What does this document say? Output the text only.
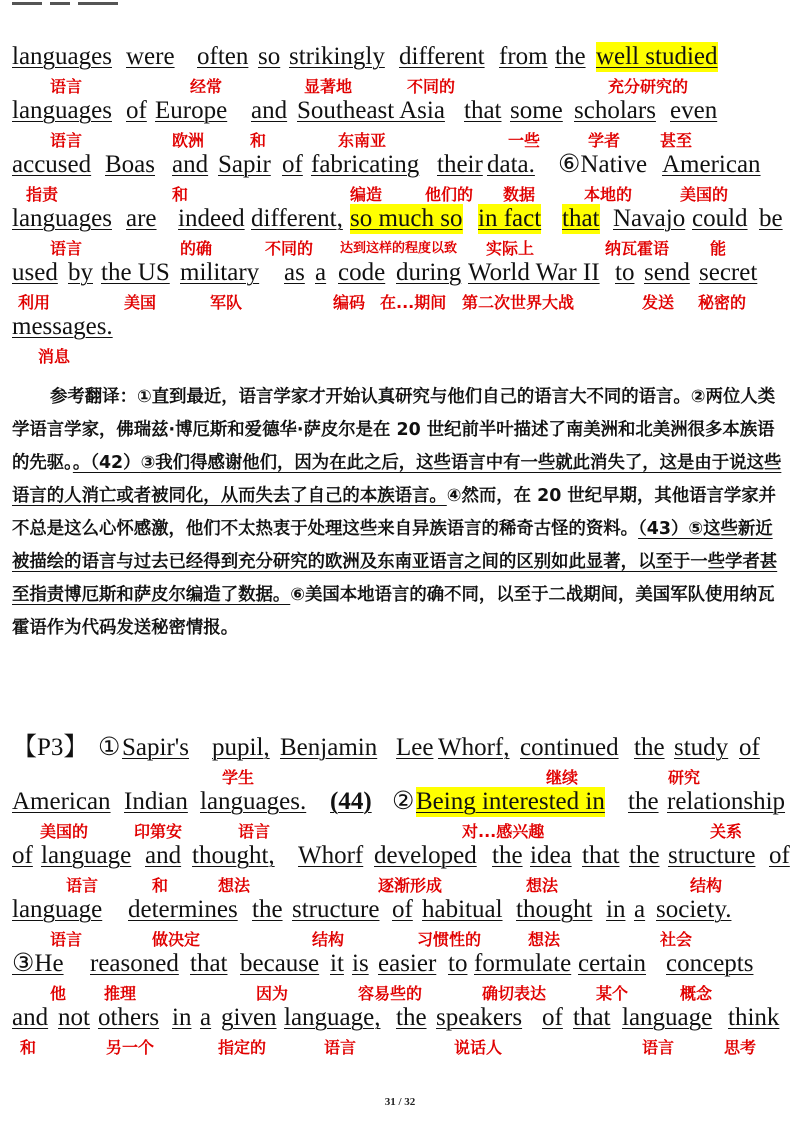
languages were often so strikingly different from the well studied
语言	经常	显著地	不同的	充分研究的
languages of Europe and Southeast Asia that some scholars even
语言	欧洲	和	东南亚	一些	学者 甚至
accused Boas and Sapir of fabricating their data. ⑥Native American
指责	和	编造	他们的 数据	本地的	美国的
languages are indeed different, so much so in fact that Navajo could be
语言	的确	不同的 达到这样的程度以致 实际上	纳瓦霍语	能
used by the US military as a code during World War II to send secret
利用	美国	军队	编码 在...期间 第二次世界大战	发送 秘密的
messages.
消息
参考翻译：①直到最近，语言学家才开始认真研究与他们自己的语言大不同的语言。②两位人类学语言学家，佛瑞兹·博厄斯和爱德华·萨皮尔是在 20 世纪前半叶描述了南美洲和北美洲很多本族语的先驱。。（42）③我们得感谢他们，因为在此之后，这些语言中有一些就此消失了，这是由于说这些语言的人消亡或者被同化，从而失去了自己的本族语言。④然而，在 20 世纪早期，其他语言学家并不总是这么心怀感激，他们不太热衷于处理这些来自异族语言的稀奇古怪的资料。（43）⑤这些新近被描绘的语言与过去已经得到充分研究的欧洲及东南亚语言之间的区别如此显著，以至于一些学者甚至指责博厄斯和萨皮尔编造了数据。⑥美国本地语言的确不同，以至于二战期间，美国军队使用纳瓦霍语作为代码发送秘密情报。
【P3】 ① Sapir's pupil, Benjamin Lee Whorf, continued the study of
学生	继续	研究
American Indian languages. (44) ② Being interested in the relationship
美国的	印第安	语言	对...感兴趣	关系
of language and thought, Whorf developed the idea that the structure of
语言	和	想法	逐渐形成	想法	结构
language determines the structure of habitual thought in a society.
语言	做决定	结构	习惯性的	想法	社会
③He reasoned that because it is easier to formulate certain concepts
他 推理	因为	容易些的	确切表达	某个	概念
and not others in a given language, the speakers of that language think
和	另一个	指定的	语言	说话人	语言	思考
31 / 32
